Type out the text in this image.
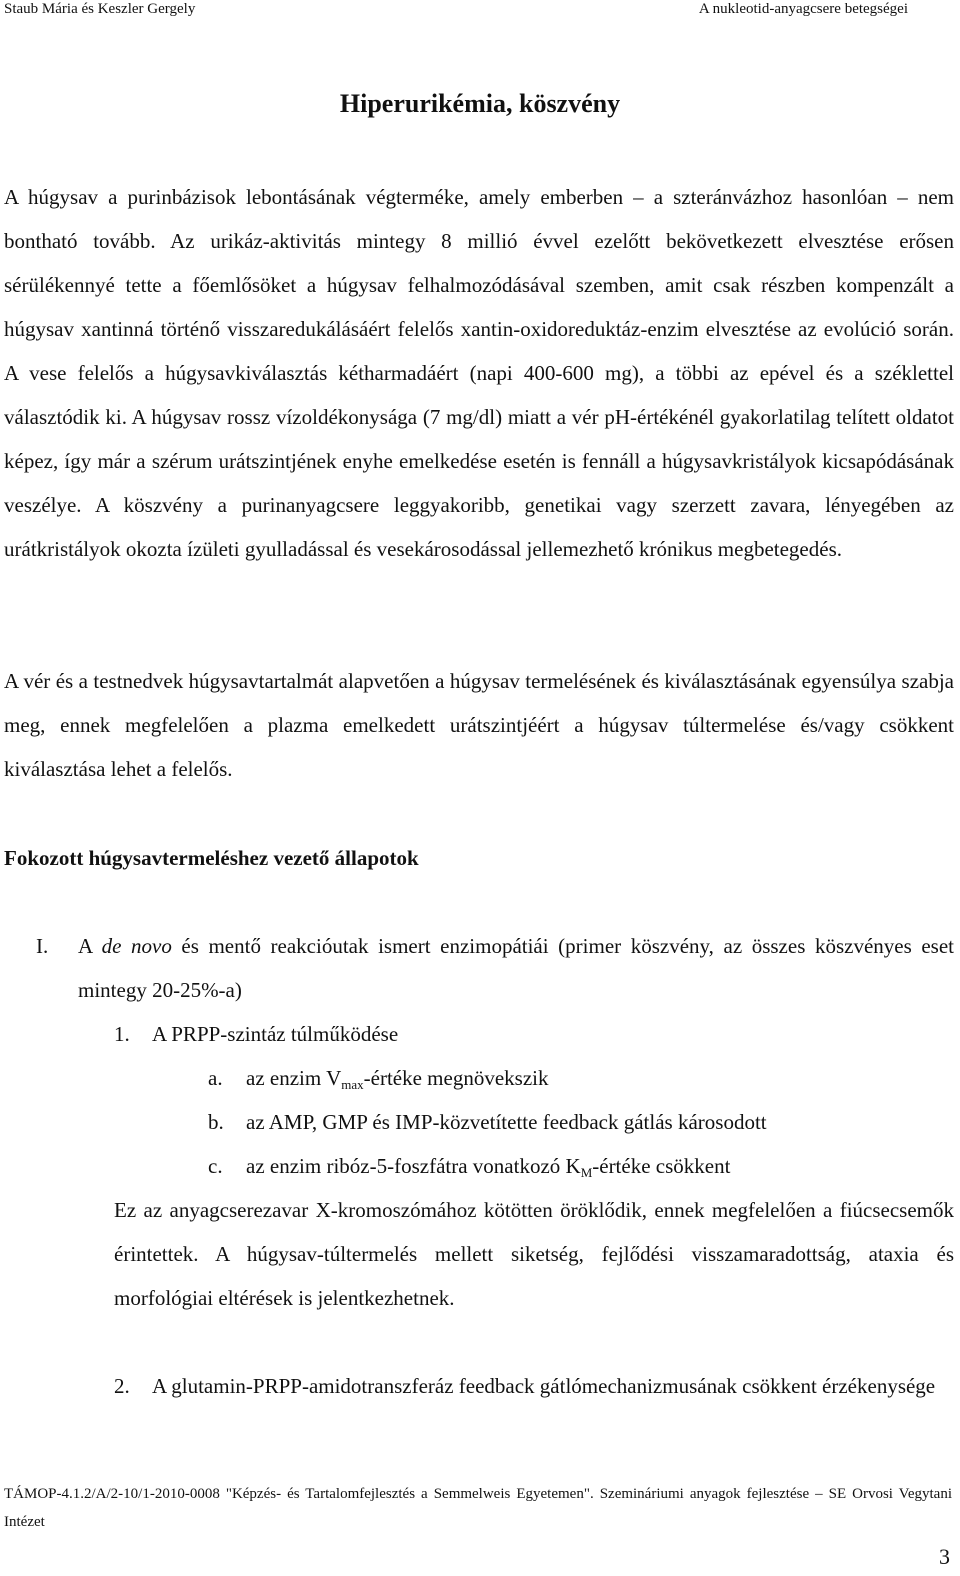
Staub Mária és Keszler Gergely	A nukleotid-anyagcsere betegségei
Hiperurikémia, köszvény

A húgysav a purinbázisok lebontásának végterméke, amely emberben – a szteránvázhoz hasonlóan – nem bontható tovább. Az urikáz-aktivitás mintegy 8 millió évvel ezelőtt bekövetkezett elvesztése erősen sérülékennyé tette a főemlősöket a húgysav felhalmozódásával szemben, amit csak részben kompenzált a húgysav xantinná történő visszaredukálásáért felelős xantin-oxidoreduktáz-enzim elvesztése az evolúció során. A vese felelős a húgysavkiválasztás kétharmadáért (napi 400-600 mg), a többi az epével és a széklettel választódik ki. A húgysav rossz vízoldékonysága (7 mg/dl) miatt a vér pH-értékénél gyakorlatilag telített oldatot képez, így már a szérum urátszintjének enyhe emelkedése esetén is fennáll a húgysavkristályok kicsapódásának veszélye. A köszvény a purinanyagcsere leggyakoribb, genetikai vagy szerzett zavara, lényegében az urátkristályok okozta ízületi gyulladással és vesekárosodással jellemezhető krónikus megbetegedés.

A vér és a testnedvek húgysavtartalmát alapvetően a húgysav termelésének és kiválasztásának egyensúlya szabja meg, ennek megfelelően a plazma emelkedett urátszintjéért a húgysav túltermelése és/vagy csökkent kiválasztása lehet a felelős.

Fokozott húgysavtermeléshez vezető állapotok
I. A de novo és mentő reakcióutak ismert enzimopátiái (primer köszvény, az összes köszvényes eset mintegy 20-25%-a)
1. A PRPP-szintáz túlműködése
a. az enzim $V_{max}$-értéke megnövekszik
b. az AMP, GMP és IMP-közvetítette feedback gátlás károsodott
c. az enzim ribóz-5-foszfátra vonatkozó $K_M$-értéke csökkent
Ez az anyagcserezavar X-kromoszómához kötötten öröklődik, ennek megfelelően a fiúcsecsemők érintettek. A húgysav-túltermelés mellett siketség, fejlődési visszamaradottság, ataxia és morfológiai eltérések is jelentkezhetnek.
2. A glutamin-PRPP-amidotranszferáz feedback gátlómechanizmusának csökkent érzékenysége
TÁMOP-4.1.2/A/2-10/1-2010-0008 "Képzés- és Tartalomfejlesztés a Semmelweis Egyetemen". Szemináriumi anyagok fejlesztése – SE Orvosi Vegytani Intézet
3
